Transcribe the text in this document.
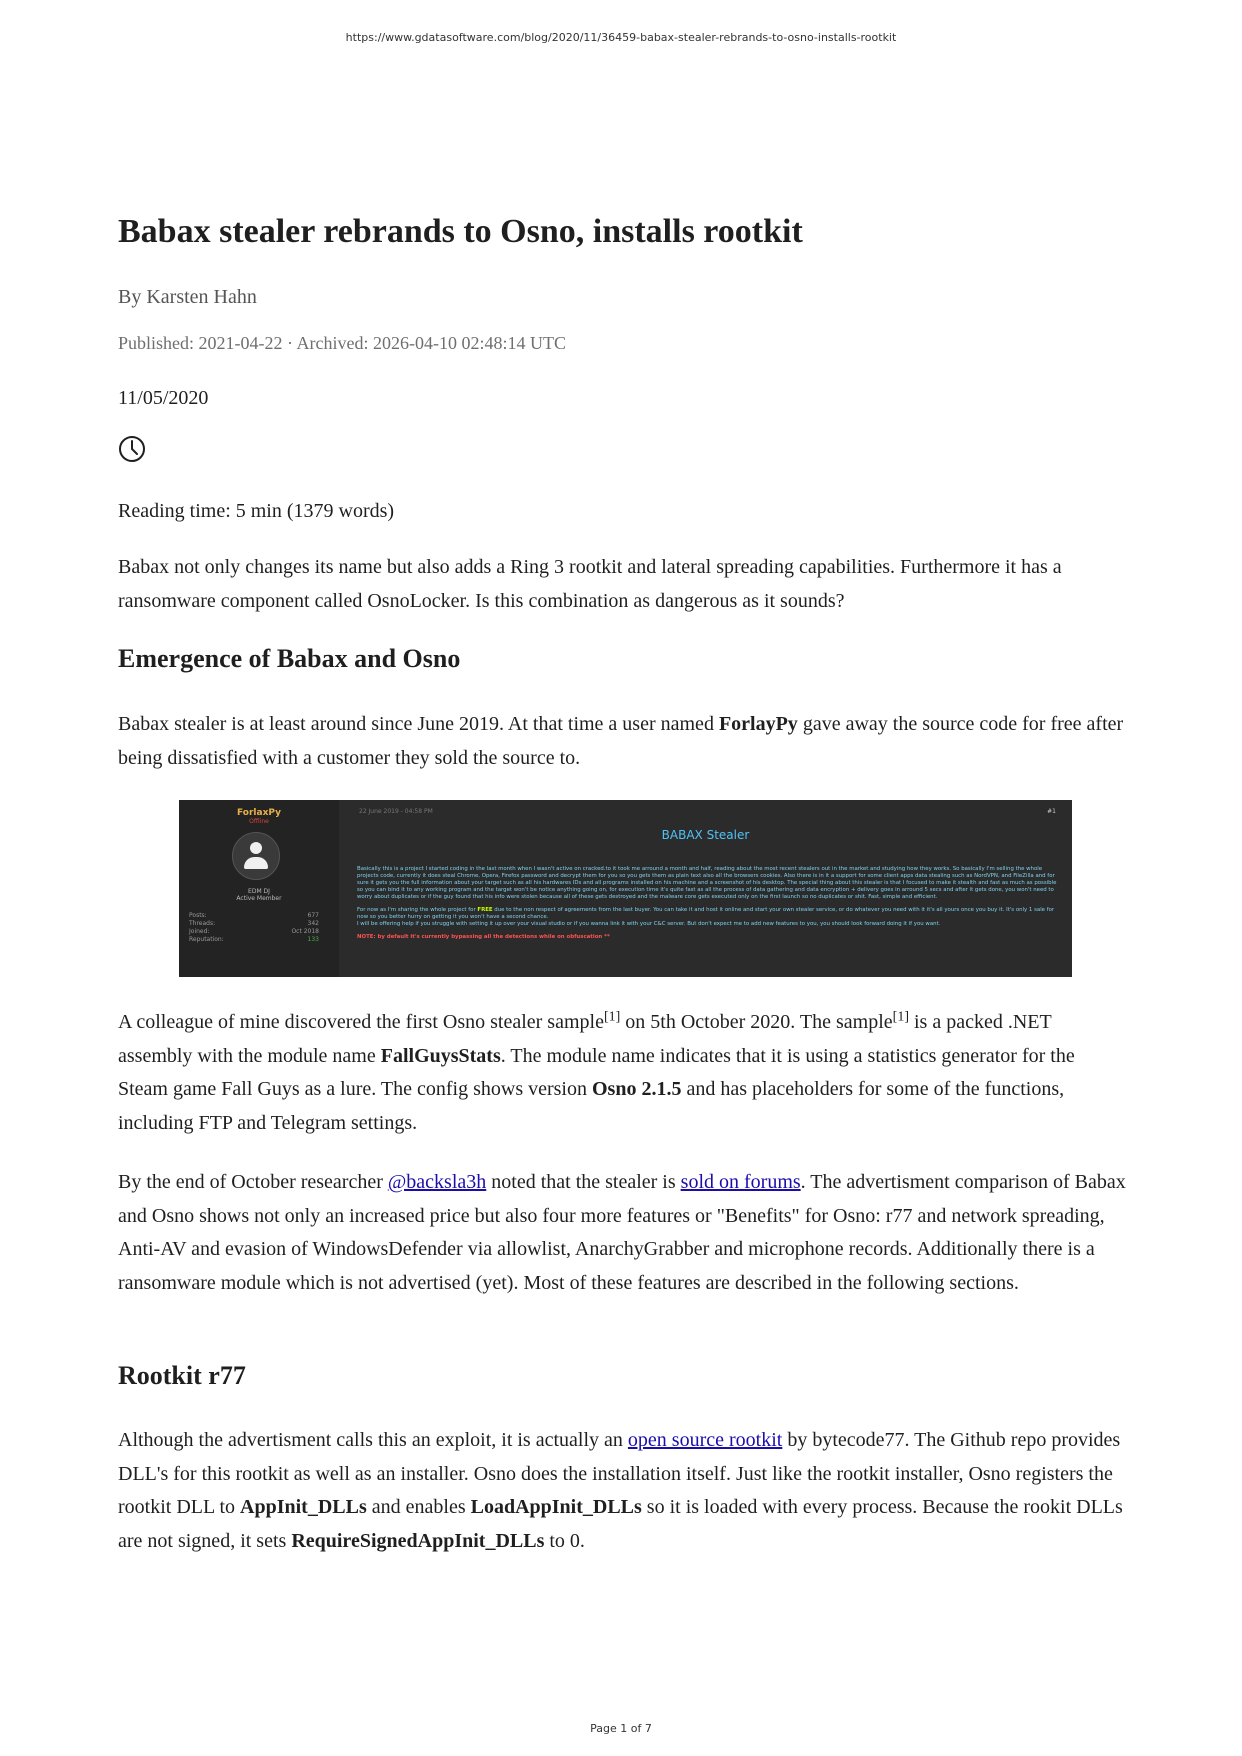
https://www.gdatasoftware.com/blog/2020/11/36459-babax-stealer-rebrands-to-osno-installs-rootkit
Babax stealer rebrands to Osno, installs rootkit
By Karsten Hahn
Published: 2021-04-22 · Archived: 2026-04-10 02:48:14 UTC
11/05/2020
Reading time: 5 min (1379 words)

Babax not only changes its name but also adds a Ring 3 rootkit and lateral spreading capabilities. Furthermore it has a ransomware component called OsnoLocker. Is this combination as dangerous as it sounds?

Emergence of Babax and Osno

Babax stealer is at least around since June 2019. At that time a user named ForlayPy gave away the source code for free after being dissatisfied with a customer they sold the source to.

A colleague of mine discovered the first Osno stealer sample[1] on 5th October 2020. The sample[1] is a packed .NET assembly with the module name FallGuysStats. The module name indicates that it is using a statistics generator for the Steam game Fall Guys as a lure. The config shows version Osno 2.1.5 and has placeholders for some of the functions, including FTP and Telegram settings.

By the end of October researcher @backsla3h noted that the stealer is sold on forums. The advertisment comparison of Babax and Osno shows not only an increased price but also four more features or "Benefits" for Osno: r77 and network spreading, Anti-AV and evasion of WindowsDefender via allowlist, AnarchyGrabber and microphone records. Additionally there is a ransomware module which is not advertised (yet). Most of these features are described in the following sections.

Rootkit r77

Although the advertisment calls this an exploit, it is actually an open source rootkit by bytecode77. The Github repo provides DLL's for this rootkit as well as an installer. Osno does the installation itself. Just like the rootkit installer, Osno registers the rootkit DLL to AppInit_DLLs and enables LoadAppInit_DLLs so it is loaded with every process. Because the rookit DLLs are not signed, it sets RequireSignedAppInit_DLLs to 0.

ForlaxPy
Offline
EDM DJ
Active Member
Posts:	677
Threads:	342
Joined:	Oct 2018
Reputation:	133
22 June 2019 - 04:58 PM	#1
BABAX Stealer

Basically this is a project I started coding in the last month when I wasn't active on cracked.to it took me arround a month and half, reading about the most recent stealers out in the market and studying how they works. So basically I'm selling the whole projects code, currently it does steal Chrome, Opera, Firefox password and decrypt them for you so you gets them as plain text also all the browsers cookies. Also there is in it a support for some client apps data stealing such as NordVPN, and FileZilla and for sure it gets you the full information about your target such as all his hardwares IDs and all programs installed on his machine and a screenshot of his desktop. The special thing about this stealer is that I focused to make it stealth and fast as much as possible so you can bind it to any working program and the target won't be notice anything going on, for execution time it's quite fast as all the process of data gathering and data encryption + delivery goes in arround 5 secs and after it gets done, you won't need to worry about duplicates or if the guy found that his info were stolen because all of these gets destroyed and the malware core gets executed only on the first launch so no duplicates or shit. Fast, simple and efficient.

For now as I'm sharing the whole project for FREE due to the non respect of agreements from the last buyer. You can take it and host it online and start your own stealer service, or do whatever you need with it it's all yours once you buy it. It's only 1 sale for now so you better hurry on getting it you won't have a second chance.
I will be offering help if you struggle with setting it up over your visual studio or if you wanna link it with your C&C server. But don't expect me to add new features to you, you should look forward doing it if you want.

NOTE: by default it's currently bypassing all the detections while on obfuscation **

Page 1 of 7
